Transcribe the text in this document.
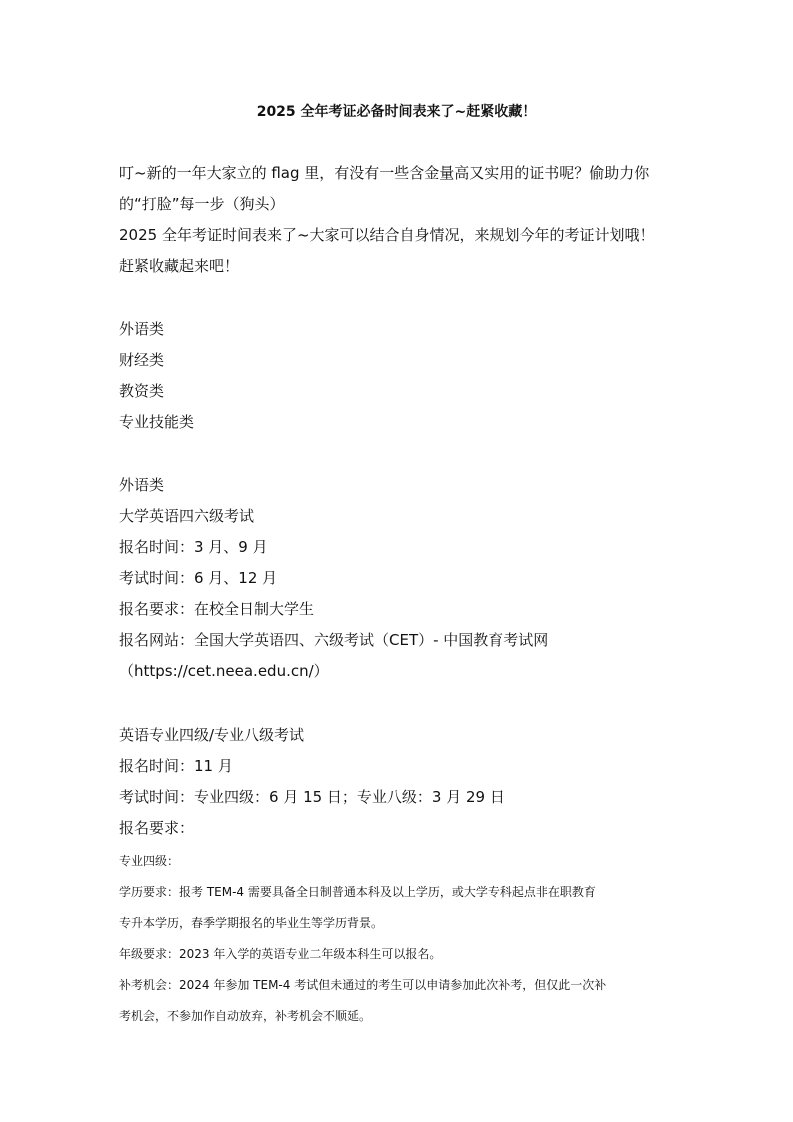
2025 全年考证必备时间表来了~赶紧收藏！
叮~新的一年大家立的 flag 里，有没有一些含金量高又实用的证书呢？偷助力你
的“打脸”每一步（狗头）
2025 全年考证时间表来了~大家可以结合自身情况，来规划今年的考证计划哦！
赶紧收藏起来吧！
外语类
财经类
教资类
专业技能类
外语类
大学英语四六级考试
报名时间：3 月、9 月
考试时间：6 月、12 月
报名要求：在校全日制大学生
报名网站：全国大学英语四、六级考试（CET）- 中国教育考试网
（https://cet.neea.edu.cn/）
英语专业四级/专业八级考试
报名时间：11 月
考试时间：专业四级：6 月 15 日；专业八级：3 月 29 日
报名要求：
专业四级：
学历要求：报考 TEM-4 需要具备全日制普通本科及以上学历，或大学专科起点非在职教育
专升本学历，春季学期报名的毕业生等学历背景。
年级要求：2023 年入学的英语专业二年级本科生可以报名。
补考机会：2024 年参加 TEM-4 考试但未通过的考生可以申请参加此次补考，但仅此一次补
考机会，不参加作自动放弃，补考机会不顺延。
